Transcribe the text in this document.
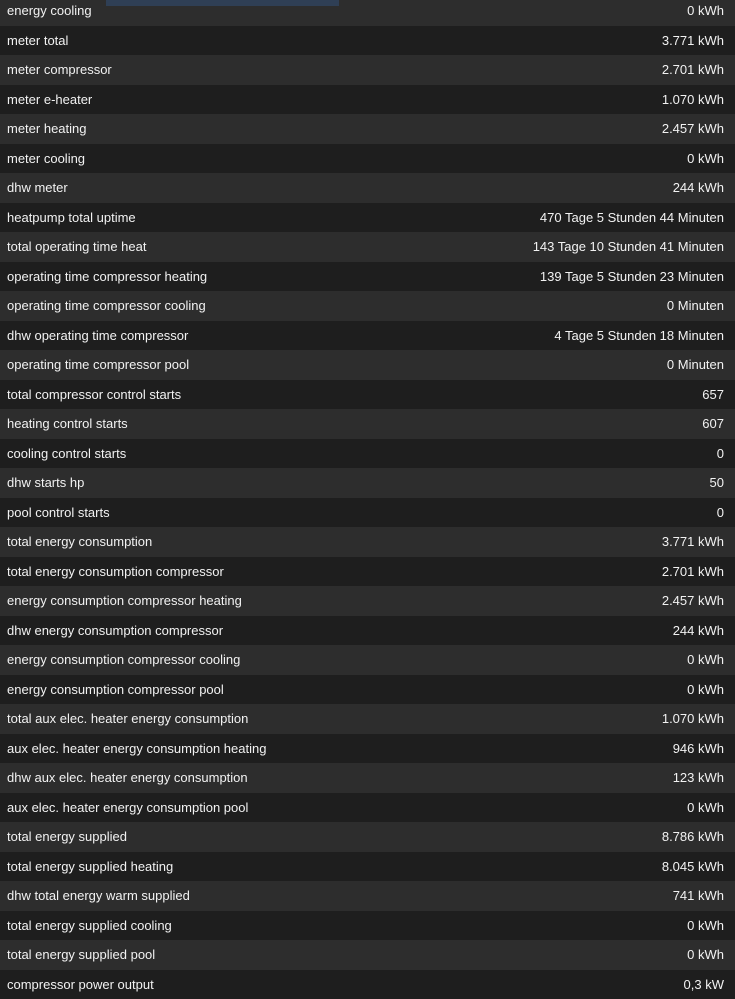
energy cooling	0 kWh
meter total	3.771 kWh
meter compressor	2.701 kWh
meter e-heater	1.070 kWh
meter heating	2.457 kWh
meter cooling	0 kWh
dhw meter	244 kWh
heatpump total uptime	470 Tage 5 Stunden 44 Minuten
total operating time heat	143 Tage 10 Stunden 41 Minuten
operating time compressor heating	139 Tage 5 Stunden 23 Minuten
operating time compressor cooling	0 Minuten
dhw operating time compressor	4 Tage 5 Stunden 18 Minuten
operating time compressor pool	0 Minuten
total compressor control starts	657
heating control starts	607
cooling control starts	0
dhw starts hp	50
pool control starts	0
total energy consumption	3.771 kWh
total energy consumption compressor	2.701 kWh
energy consumption compressor heating	2.457 kWh
dhw energy consumption compressor	244 kWh
energy consumption compressor cooling	0 kWh
energy consumption compressor pool	0 kWh
total aux elec. heater energy consumption	1.070 kWh
aux elec. heater energy consumption heating	946 kWh
dhw aux elec. heater energy consumption	123 kWh
aux elec. heater energy consumption pool	0 kWh
total energy supplied	8.786 kWh
total energy supplied heating	8.045 kWh
dhw total energy warm supplied	741 kWh
total energy supplied cooling	0 kWh
total energy supplied pool	0 kWh
compressor power output	0,3 kW
